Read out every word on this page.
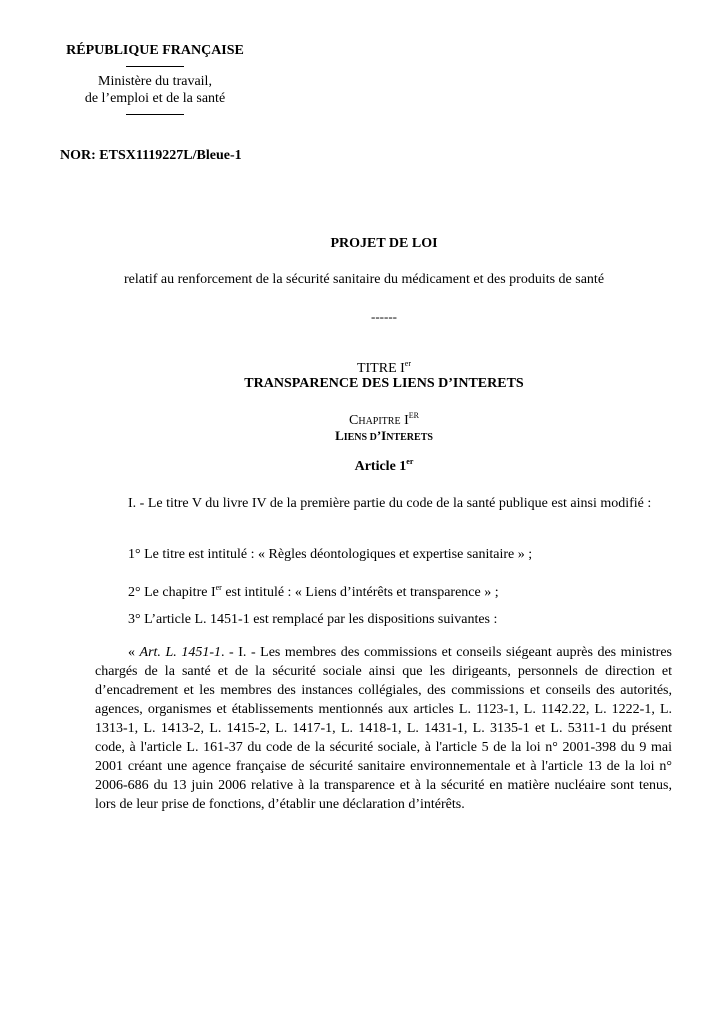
RÉPUBLIQUE FRANÇAISE
Ministère du travail,
de l’emploi et de la santé
NOR: ETSX1119227L/Bleue-1
PROJET DE LOI
relatif au renforcement de la sécurité sanitaire du médicament et des produits de santé
------
TITRE Ier
TRANSPARENCE DES LIENS D’INTERETS
CHAPITRE IER
LIENS D’INTERETS
Article 1er

I. - Le titre V du livre IV de la première partie du code de la santé publique est ainsi modifié :

1° Le titre est intitulé : « Règles déontologiques et expertise sanitaire » ;

2° Le chapitre Ier est intitulé : « Liens d’intérêts et transparence » ;

3° L’article L. 1451-1 est remplacé par les dispositions suivantes :

« Art. L. 1451-1. - I. - Les membres des commissions et conseils siégeant auprès des ministres chargés de la santé et de la sécurité sociale ainsi que les dirigeants, personnels de direction et d’encadrement et les membres des instances collégiales, des commissions et conseils des autorités, agences, organismes et établissements mentionnés aux articles L. 1123-1, L. 1142.22, L. 1222-1, L. 1313-1, L. 1413-2, L. 1415-2, L. 1417-1, L. 1418-1, L. 1431-1, L. 3135-1 et L. 5311-1 du présent code, à l'article L. 161-37 du code de la sécurité sociale, à l'article 5 de la loi n° 2001-398 du 9 mai 2001 créant une agence française de sécurité sanitaire environnementale et à l'article 13 de la loi n° 2006-686 du 13 juin 2006 relative à la transparence et à la sécurité en matière nucléaire sont tenus, lors de leur prise de fonctions, d’établir une déclaration d’intérêts.
